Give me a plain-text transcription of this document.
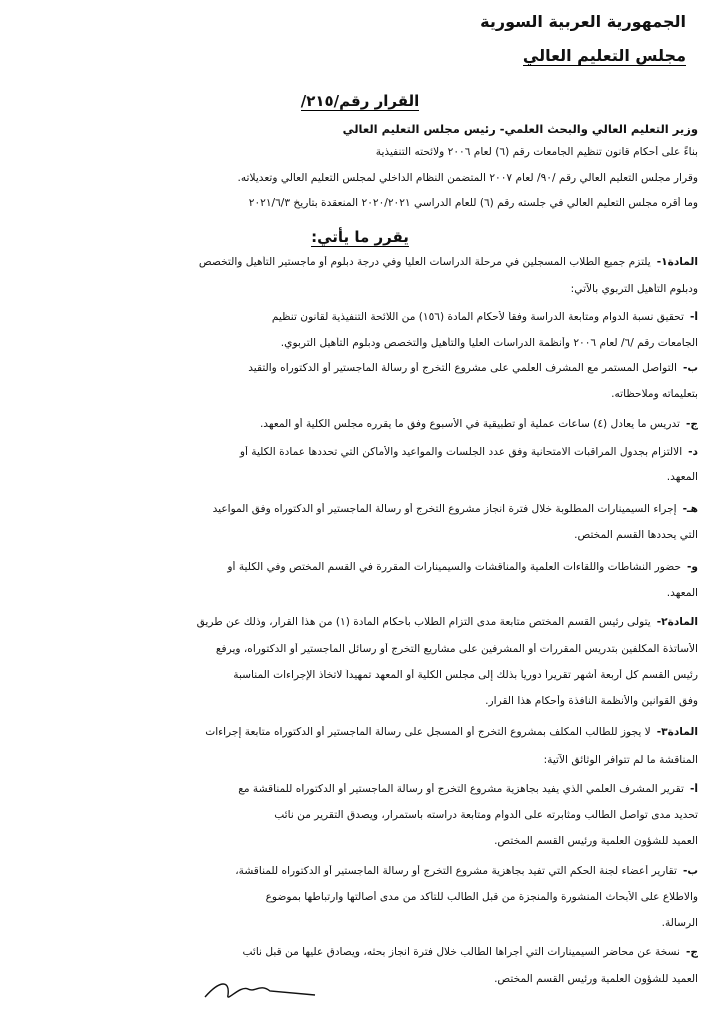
الجمهورية العربية السورية
مجلس التعليم العالي
القرار رقم/٢١٥/
وزير التعليم العالي والبحث العلمي- رئيس مجلس التعليم العالي
بناءً على أحكام قانون تنظيم الجامعات رقم (٦) لعام ٢٠٠٦ ولائحته التنفيذية
وقرار مجلس التعليم العالي رقم /٩٠/ لعام ٢٠٠٧ المتضمن النظام الداخلي لمجلس التعليم العالي وتعديلاته.
وما أقره مجلس التعليم العالي في جلسته رقم (٦) للعام الدراسي ٢٠٢٠/٢٠٢١ المنعقدة بتاريخ ٢٠٢١/٦/٣
يقرر ما يأتي:
المادة١-يلتزم جميع الطلاب المسجلين في مرحلة الدراسات العليا وفي درجة دبلوم أو ماجستير التأهيل والتخصص
ودبلوم التأهيل التربوي بالآتي:
أ-تحقيق نسبة الدوام ومتابعة الدراسة وفقاً لأحكام المادة (١٥٦) من اللائحة التنفيذية لقانون تنظيم
الجامعات رقم /٦/ لعام ٢٠٠٦ وأنظمة الدراسات العليا والتأهيل والتخصص ودبلوم التأهيل التربوي.
ب-التواصل المستمر مع المشرف العلمي على مشروع التخرج أو رسالة الماجستير أو الدكتوراه والتقيد
بتعليماته وملاحظاته.
ج-تدريس ما يعادل (٤) ساعات عملية أو تطبيقية في الأسبوع وفق ما يقرره مجلس الكلية أو المعهد.
د-الالتزام بجدول المراقبات الامتحانية وفق عدد الجلسات والمواعيد والأماكن التي تحددها عمادة الكلية أو
المعهد.
هـ-إجراء السيمينارات المطلوبة خلال فترة انجاز مشروع التخرج أو رسالة الماجستير أو الدكتوراه وفق المواعيد
التي يحددها القسم المختص.
و-حضور النشاطات واللقاءات العلمية والمناقشات والسيمينارات المقررة في القسم المختص وفي الكلية أو
المعهد.
المادة٢-يتولى رئيس القسم المختص متابعة مدى التزام الطلاب بأحكام المادة (١) من هذا القرار، وذلك عن طريق
الأساتذة المكلفين بتدريس المقررات أو المشرفين على مشاريع التخرج أو رسائل الماجستير أو الدكتوراه، ويرفع
رئيس القسم كل أربعة أشهر تقريراً دورياً بذلك إلى مجلس الكلية أو المعهد تمهيداً لاتخاذ الإجراءات المناسبة
وفق القوانين والأنظمة النافذة وأحكام هذا القرار.
المادة٣-لا يجوز للطالب المكلف بمشروع التخرج أو المسجل على رسالة الماجستير أو الدكتوراه متابعة إجراءات
المناقشة ما لم تتوافر الوثائق الآتية:
أ-تقرير المشرف العلمي الذي يفيد بجاهزية مشروع التخرج أو رسالة الماجستير أو الدكتوراه للمناقشة مع
تحديد مدى تواصل الطالب ومثابرته على الدوام ومتابعة دراسته باستمرار، ويصدق التقرير من نائب
العميد للشؤون العلمية ورئيس القسم المختص.
ب-تقارير أعضاء لجنة الحكم التي تفيد بجاهزية مشروع التخرج أو رسالة الماجستير أو الدكتوراه للمناقشة،
والاطلاع على الأبحاث المنشورة والمنجزة من قبل الطالب للتأكد من مدى أصالتها وارتباطها بموضوع
الرسالة.
ج-نسخة عن محاضر السيمينارات التي أجراها الطالب خلال فترة انجاز بحثه، ويصادق عليها من قبل نائب
العميد للشؤون العلمية ورئيس القسم المختص.
